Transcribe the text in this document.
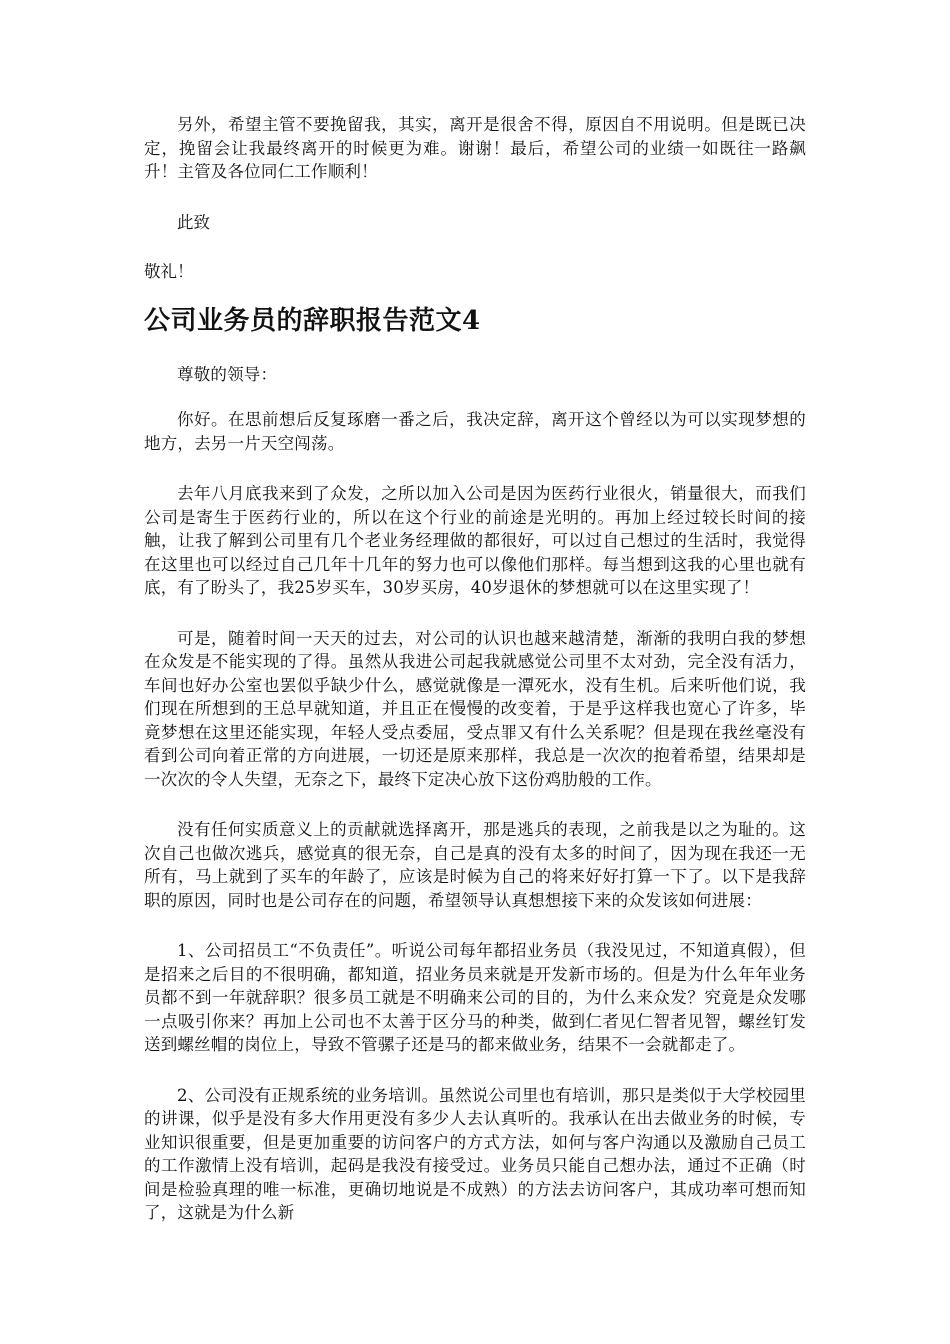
另外，希望主管不要挽留我，其实，离开是很舍不得，原因自不用说明。但是既已决定，挽留会让我最终离开的时候更为难。谢谢！最后，希望公司的业绩一如既往一路飙升！主管及各位同仁工作顺利！

此致

敬礼！

公司业务员的辞职报告范文4

尊敬的领导：

你好。在思前想后反复琢磨一番之后，我决定辞，离开这个曾经以为可以实现梦想的地方，去另一片天空闯荡。

去年八月底我来到了众发，之所以加入公司是因为医药行业很火，销量很大，而我们公司是寄生于医药行业的，所以在这个行业的前途是光明的。再加上经过较长时间的接触，让我了解到公司里有几个老业务经理做的都很好，可以过自己想过的生活时，我觉得在这里也可以经过自己几年十几年的努力也可以像他们那样。每当想到这我的心里也就有底，有了盼头了，我25岁买车，30岁买房，40岁退休的梦想就可以在这里实现了！

可是，随着时间一天天的过去，对公司的认识也越来越清楚，渐渐的我明白我的梦想在众发是不能实现的了得。虽然从我进公司起我就感觉公司里不太对劲，完全没有活力，车间也好办公室也罢似乎缺少什么，感觉就像是一潭死水，没有生机。后来听他们说，我们现在所想到的王总早就知道，并且正在慢慢的改变着，于是乎这样我也宽心了许多，毕竟梦想在这里还能实现，年轻人受点委屈，受点罪又有什么关系呢？但是现在我丝毫没有看到公司向着正常的方向进展，一切还是原来那样，我总是一次次的抱着希望，结果却是一次次的令人失望，无奈之下，最终下定决心放下这份鸡肋般的工作。

没有任何实质意义上的贡献就选择离开，那是逃兵的表现，之前我是以之为耻的。这次自己也做次逃兵，感觉真的很无奈，自己是真的没有太多的时间了，因为现在我还一无所有，马上就到了买车的年龄了，应该是时候为自己的将来好好打算一下了。以下是我辞职的原因，同时也是公司存在的问题，希望领导认真想想接下来的众发该如何进展：

1、公司招员工“不负责任”。听说公司每年都招业务员（我没见过，不知道真假），但是招来之后目的不很明确，都知道，招业务员来就是开发新市场的。但是为什么年年业务员都不到一年就辞职？很多员工就是不明确来公司的目的，为什么来众发？究竟是众发哪一点吸引你来？再加上公司也不太善于区分马的种类，做到仁者见仁智者见智，螺丝钉发送到螺丝帽的岗位上，导致不管骡子还是马的都来做业务，结果不一会就都走了。

2、公司没有正规系统的业务培训。虽然说公司里也有培训，那只是类似于大学校园里的讲课，似乎是没有多大作用更没有多少人去认真听的。我承认在出去做业务的时候，专业知识很重要，但是更加重要的访问客户的方式方法，如何与客户沟通以及激励自己员工的工作激情上没有培训，起码是我没有接受过。业务员只能自己想办法，通过不正确（时间是检验真理的唯一标准，更确切地说是不成熟）的方法去访问客户，其成功率可想而知了，这就是为什么新
